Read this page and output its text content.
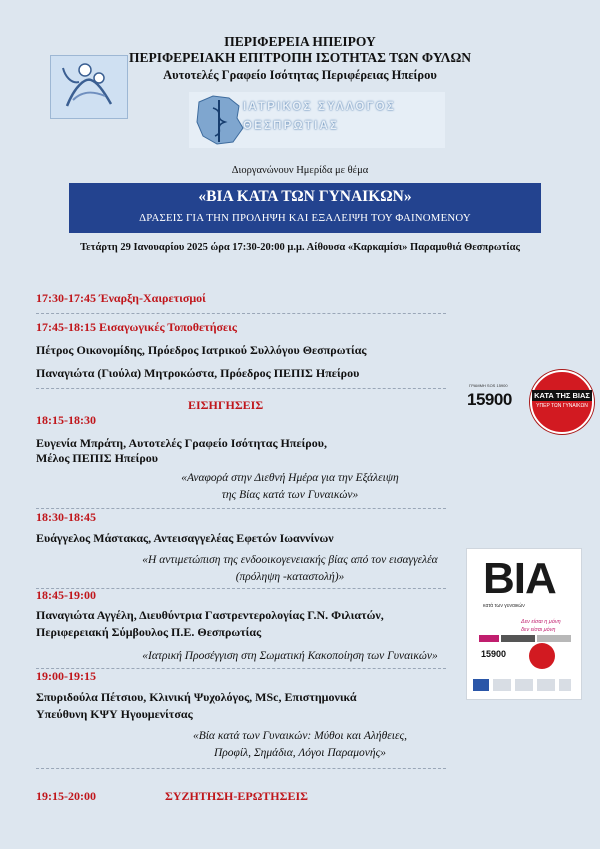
ΠΕΡΙΦΕΡΕΙΑ ΗΠΕΙΡΟΥ
ΠΕΡΙΦΕΡΕΙΑΚΗ ΕΠΙΤΡΟΠΗ ΙΣΟΤΗΤΑΣ ΤΩΝ ΦΥΛΩΝ
Αυτοτελές Γραφείο Ισότητας Περιφέρειας Ηπείρου
ΙΑΤΡΙΚΟΣ ΣΥΛΛΟΓΟΣ
ΘΕΣΠΡΩΤΙΑΣ
Διοργανώνουν Ημερίδα με θέμα
«ΒΙΑ ΚΑΤΑ ΤΩΝ ΓΥΝΑΙΚΩΝ»
ΔΡΑΣΕΙΣ ΓΙΑ ΤΗΝ ΠΡΟΛΗΨΗ ΚΑΙ ΕΞΑΛΕΙΨΗ ΤΟΥ ΦΑΙΝΟΜΕΝΟΥ
Τετάρτη 29 Ιανουαρίου 2025 ώρα 17:30-20:00 μ.μ. Αίθουσα «Καρκαμίσι» Παραμυθιά Θεσπρωτίας
17:30-17:45 Έναρξη-Χαιρετισμοί
17:45-18:15 Εισαγωγικές Τοποθετήσεις
Πέτρος Οικονομίδης, Πρόεδρος Ιατρικού Συλλόγου Θεσπρωτίας
Παναγιώτα (Γιούλα) Μητροκώστα, Πρόεδρος ΠΕΠΙΣ Ηπείρου
ΕΙΣΗΓΗΣΕΙΣ
18:15-18:30
Ευγενία Μπράτη, Αυτοτελές Γραφείο Ισότητας Ηπείρου,
Μέλος ΠΕΠΙΣ Ηπείρου
«Αναφορά στην Διεθνή Ημέρα για την Εξάλειψη
της Βίας κατά των Γυναικών»
18:30-18:45
Ευάγγελος Μάστακας, Αντεισαγγελέας Εφετών Ιωαννίνων
«Η αντιμετώπιση της ενδοοικογενειακής βίας από τον εισαγγελέα
(πρόληψη -καταστολή)»
18:45-19:00
Παναγιώτα Αγγέλη, Διευθύντρια Γαστρεντερολογίας Γ.Ν. Φιλιατών,
Περιφερειακή Σύμβουλος Π.Ε. Θεσπρωτίας
«Ιατρική Προσέγγιση στη Σωματική Κακοποίηση των Γυναικών»
19:00-19:15
Σπυριδούλα Πέτσιου, Κλινική Ψυχολόγος, MSc, Επιστημονικά
Υπεύθυνη ΚΨΥ Ηγουμενίτσας
«Βία κατά των Γυναικών: Μύθοι και Αλήθειες,
Προφίλ, Σημάδια, Λόγοι Παραμονής»
19:15-20:00	ΣΥΖΗΤΗΣΗ-ΕΡΩΤΗΣΕΙΣ
ΓΡΑΜΜΗ SOS 15900
15900	ΚΑΤΑ ΤΗΣ ΒΙΑΣ
ΥΠΕΡ ΤΩΝ ΓΥΝΑΙΚΩΝ
ΒΙΑ
κατά των γυναικών
Δεν είσαι η μόνη
δεν είσαι μόνη
15900
